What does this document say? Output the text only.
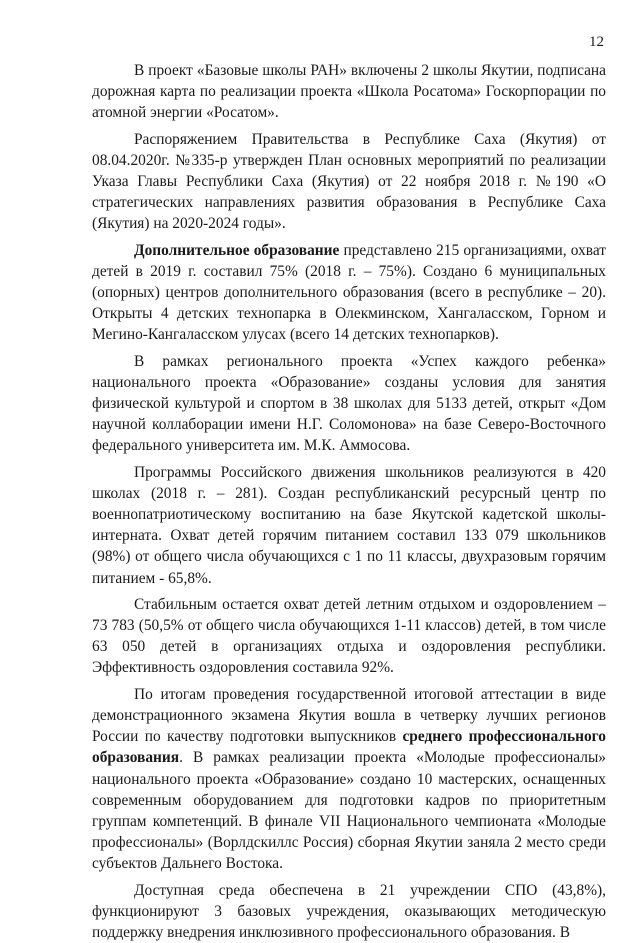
12

В проект «Базовые школы РАН» включены 2 школы Якутии, подписана дорожная карта по реализации проекта «Школа Росатома» Госкорпорации по атомной энергии «Росатом».

Распоряжением Правительства в Республике Саха (Якутия) от 08.04.2020г. №335-р утвержден План основных мероприятий по реализации Указа Главы Республики Саха (Якутия) от 22 ноября 2018 г. №190 «О стратегических направлениях развития образования в Республике Саха (Якутия) на 2020-2024 годы».

Дополнительное образование представлено 215 организациями, охват детей в 2019 г. составил 75% (2018 г. – 75%). Создано 6 муниципальных (опорных) центров дополнительного образования (всего в республике – 20). Открыты 4 детских технопарка в Олекминском, Хангаласском, Горном и Мегино-Кангаласском улусах (всего 14 детских технопарков).

В рамках регионального проекта «Успех каждого ребенка» национального проекта «Образование» созданы условия для занятия физической культурой и спортом в 38 школах для 5133 детей, открыт «Дом научной коллаборации имени Н.Г. Соломонова» на базе Северо-Восточного федерального университета им. М.К. Аммосова.

Программы Российского движения школьников реализуются в 420 школах (2018 г. – 281). Создан республиканский ресурсный центр по военнопатриотическому воспитанию на базе Якутской кадетской школы-интерната. Охват детей горячим питанием составил 133 079 школьников (98%) от общего числа обучающихся с 1 по 11 классы, двухразовым горячим питанием - 65,8%.

Стабильным остается охват детей летним отдыхом и оздоровлением – 73 783 (50,5% от общего числа обучающихся 1-11 классов) детей, в том числе 63 050 детей в организациях отдыха и оздоровления республики. Эффективность оздоровления составила 92%.

По итогам проведения государственной итоговой аттестации в виде демонстрационного экзамена Якутия вошла в четверку лучших регионов России по качеству подготовки выпускников среднего профессионального образования. В рамках реализации проекта «Молодые профессионалы» национального проекта «Образование» создано 10 мастерских, оснащенных современным оборудованием для подготовки кадров по приоритетным группам компетенций. В финале VII Национального чемпионата «Молодые профессионалы» (Ворлдскиллс Россия) сборная Якутии заняла 2 место среди субъектов Дальнего Востока.

Доступная среда обеспечена в 21 учреждении СПО (43,8%), функционируют 3 базовых учреждения, оказывающих методическую поддержку внедрения инклюзивного профессионального образования. В
